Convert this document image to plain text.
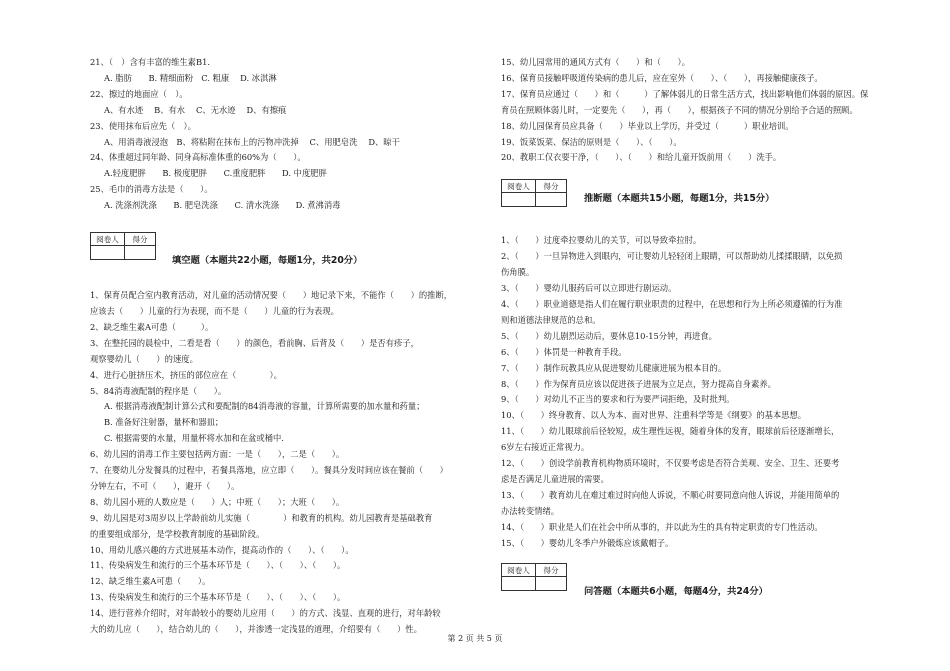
21、（　）含有丰富的维生素B1.
A. 脂肪　　B. 精细面粉　C. 粗康　 D. 冰淇淋
22、擦过的地面应（　）。
A、有水迹　 B、有水　 C、无水迹　 D、有擦痕
23、使用抹布后应先（　）。
A、用消毒液浸泡　B、将粘附在抹布上的污物冲洗掉　 C、用肥皂洗　 D、晾干
24、体重超过同年龄、同身高标准体重的60%为（　　）。
A.轻度肥胖　　B. 极度肥胖　　C.重度肥胖　　D. 中度肥胖
25、毛巾的消毒方法是（　　）。
A. 洗涤剂洗涤　　B. 肥皂洗涤　　C. 清水洗涤　　D. 煮沸消毒
阅卷人	得分

填空题（本题共22小题，每题1分，共20分）
1、保育员配合室内教育活动，对儿童的活动情况要（　　）地记录下来，不能作（　　）的推断，
应该去（　　）儿童的行为表现，而不是（　　）儿童的行为表现。
2、缺乏维生素A可患（　　　）。
3、在整托园的晨检中，二看是看（　　）的颜色，看前胸、后背及（　　）是否有疹子，
观察婴幼儿（　　）的速度。
4、进行心脏挤压术，挤压的部位应在（　　　　）。
5、84消毒液配制的程序是（　　）。
A. 根据消毒液配制计算公式和要配制的84消毒液的容量，计算所需要的加水量和药量；
B. 准备好注射器，量杯和器皿；
C. 根据需要的水量，用量杯将水加和在盆或桶中.
6、幼儿园的消毒工作主要包括两方面：一是（　　），二是（　　）。
7、在婴幼儿分发餐具的过程中，若餐具落地，应立即（　　）。餐具分发时间应该在餐前（　　）
分钟左右，不可（　　），避开（　　）。
8、幼儿园小班的人数应是（　　）人；中班（　　）；大班（　　）。
9、幼儿园是对3周岁以上学龄前幼儿实施（　　　　）和教育的机构。幼儿园教育是基础教育
的重要组成部分，是学校教育制度的基础阶段。
10、用幼儿感兴趣的方式进展基本动作，提高动作的（　　）、（　　）。
11、传染病发生和流行的三个基本环节是（　　）、（　　）、（　　）。
12、缺乏维生素A可患（　　）。
13、传染病发生和流行的三个基本环节是（　　）、（　　）、（　　）。
14、进行营养介绍时，对年龄较小的婴幼儿应用（　　）的方式、浅显、直观的进行，对年龄较
大的幼儿应（　　），结合幼儿的（　　），并渗透一定浅显的道理，介绍要有（　　）性。
15、幼儿园常用的通风方式有（　　）和（　　）。
16、保育员接触呼吸道传染病的患儿后，应在室外（　　）、（　　），再接触健康孩子。
17、保育员应通过（　　）和（　　　）了解体弱儿的日常生活方式，找出影响他们体弱的原因。保
育员在照顾体弱儿时，一定要先（　　），再（　　），根据孩子不同的情况分别给予合适的照顾。
18、幼儿园保育员应具备（　　）毕业以上学历，并受过（　　　）职业培训。
19、饭菜饭菜、保洁的原则是（　　）、（　　）。
20、教职工仅衣要干净，（　　）、（　　）和给儿童开饭前用（　　）洗手。
阅卷人	得分

推断题（本题共15小题，每题1分，共15分）
1、（　　）过度牵拉婴幼儿的关节，可以导致牵拉肘。
2、（　　）一旦异物进入到眼内，可让婴幼儿轻轻闭上眼睛，可以帮助幼儿揉揉眼睛，以免损
伤角膜。
3、（　　）婴幼儿服药后可以立即进行剧运动。
4、（　　）职业道德是指人们在履行职业职责的过程中，在思想和行为上所必须遵循的行为准
则和道德法律规范的总和。
5、（　　）幼儿剧烈运动后，要休息10-15分钟，再进食。
6、（　　）体罚是一种教育手段。
7、（　　）制作玩教具应从促进婴幼儿健康进展为根本目的。
8、（　　）作为保育员应该以促进孩子进展为立足点，努力提高自身素养。
9、（　　）对幼儿不正当的要求和行为要严词拒绝，及时批判。
10、（　　）终身教育、以人为本、面对世界、注重科学等是《纲要》的基本思想。
11、（　　）幼儿眼球前后径较短，成生理性远视，随着身体的发育，眼球前后径逐渐增长，
6岁左右接近正常视力。
12、（　　）创设学前教育机构物质环境时，不仅要考虑是否符合美观、安全、卫生、还要考
虑是否满足儿童进展的需要。
13、（　　）教育幼儿在难过难过时向他人诉说，不顺心时要同意向他人诉说，并能用简单的
办法转变情绪。
14、（　　）职业是人们在社会中所从事的，并以此为生的具有特定职责的专门性活动。
15、（　　）婴幼儿冬季户外锻炼应该戴帽子。
阅卷人	得分

问答题（本题共6小题，每题4分，共24分）
第 2 页 共 5 页
